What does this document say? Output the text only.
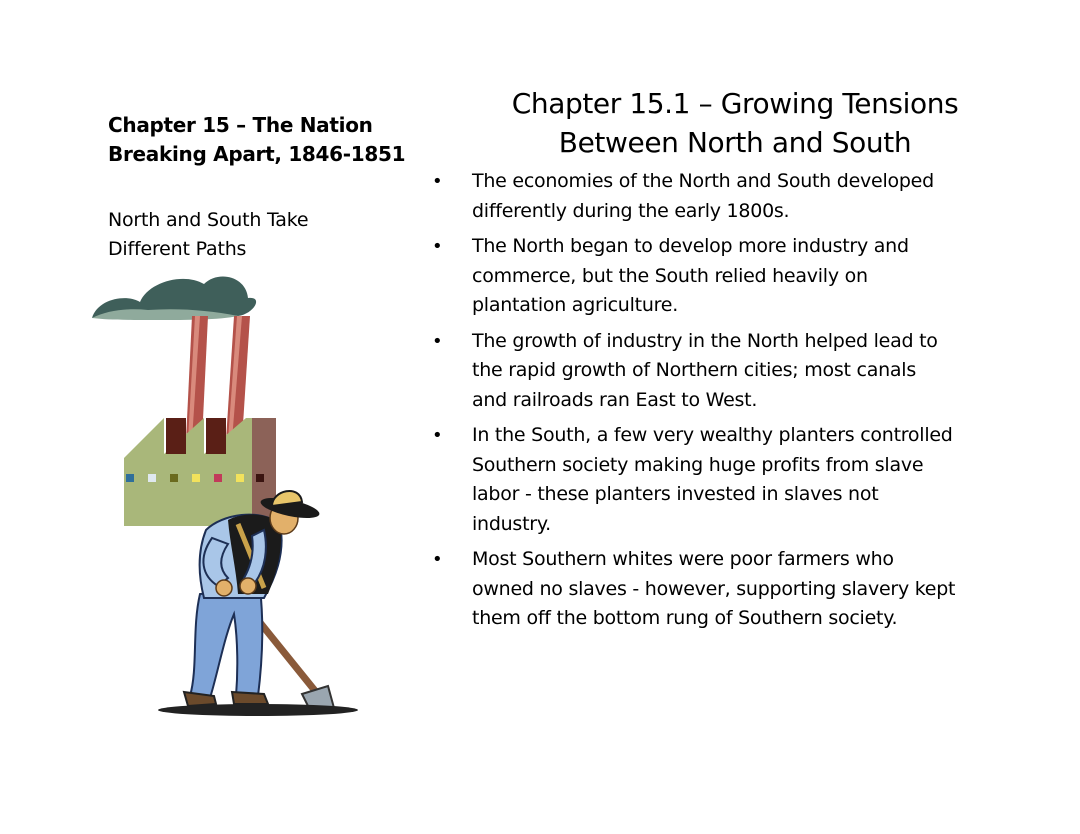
Chapter 15 – The Nation
Breaking Apart, 1846-1851
North and South Take
Different Paths
Chapter 15.1 – Growing Tensions
Between North and South
• The economies of the North and South developed
differently during the early 1800s.
• The North began to develop more industry and
commerce, but the South relied heavily on
plantation agriculture.
• The growth of industry in the North helped lead to
the rapid growth of Northern cities; most canals
and railroads ran East to West.
• In the South, a few very wealthy planters controlled
Southern society making huge profits from slave
labor - these planters invested in slaves not
industry.
• Most Southern whites were poor farmers who
owned no slaves - however, supporting slavery kept
them off the bottom rung of Southern society.
